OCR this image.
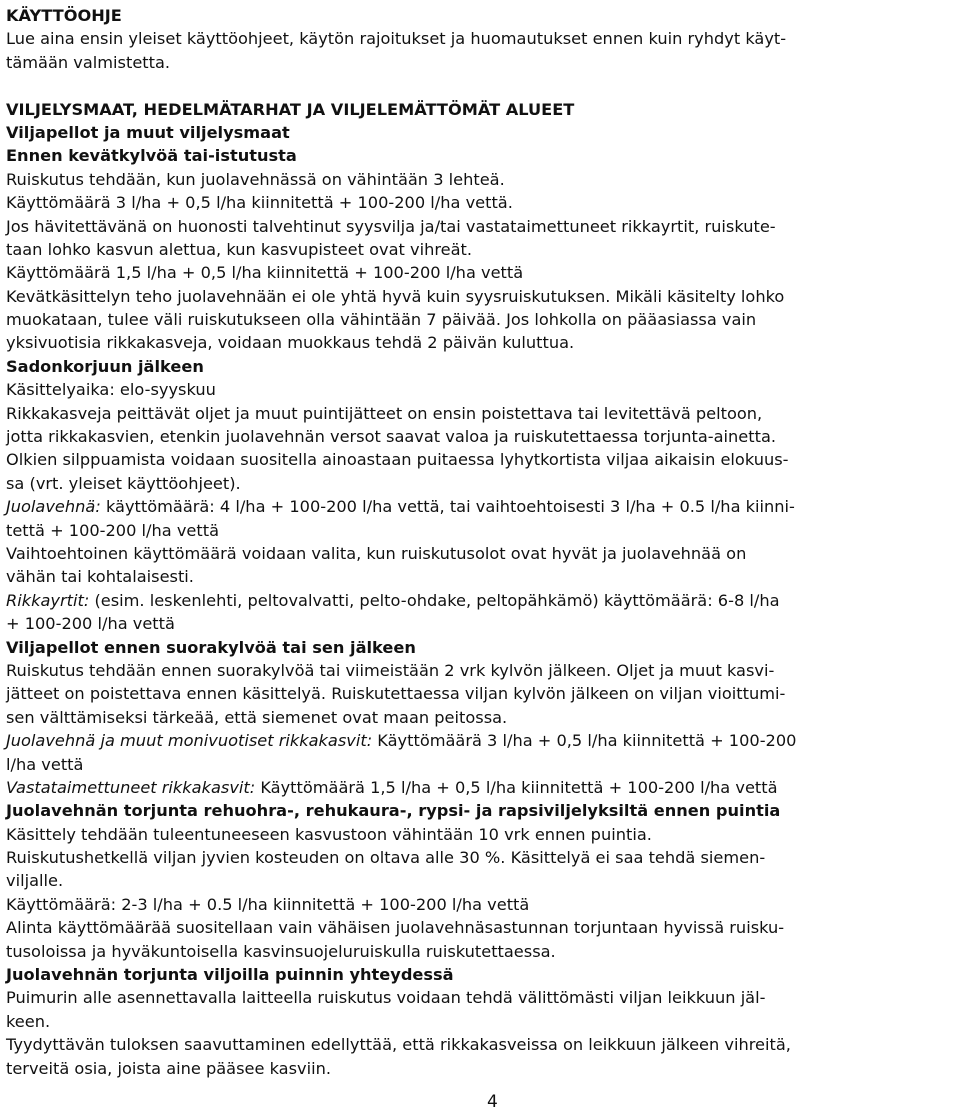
KÄYTTÖOHJE
Lue aina ensin yleiset käyttöohjeet, käytön rajoitukset ja huomautukset ennen kuin ryhdyt käyt-
tämään valmistetta.
VILJELYSMAAT, HEDELMÄTARHAT JA VILJELEMÄTTÖMÄT ALUEET
Viljapellot ja muut viljelysmaat
Ennen kevätkylvöä tai-istutusta
Ruiskutus tehdään, kun juolavehnässä on vähintään 3 lehteä.
Käyttömäärä 3 l/ha + 0,5 l/ha kiinnitettä + 100-200 l/ha vettä.
Jos hävitettävänä on huonosti talvehtinut syysvilja ja/tai vastataimettuneet rikkayrtit, ruiskute-
taan lohko kasvun alettua, kun kasvupisteet ovat vihreät.
Käyttömäärä 1,5 l/ha + 0,5 l/ha kiinnitettä + 100-200 l/ha vettä
Kevätkäsittelyn teho juolavehnään ei ole yhtä hyvä kuin syysruiskutuksen. Mikäli käsitelty lohko
muokataan, tulee väli ruiskutukseen olla vähintään 7 päivää. Jos lohkolla on pääasiassa vain
yksivuotisia rikkakasveja, voidaan muokkaus tehdä 2 päivän kuluttua.
Sadonkorjuun jälkeen
Käsittelyaika: elo-syyskuu
Rikkakasveja peittävät oljet ja muut puintijätteet on ensin poistettava tai levitettävä peltoon,
jotta rikkakasvien, etenkin juolavehnän versot saavat valoa ja ruiskutettaessa torjunta-ainetta.
Olkien silppuamista voidaan suositella ainoastaan puitaessa lyhytkortista viljaa aikaisin elokuus-
sa (vrt. yleiset käyttöohjeet).
Juolavehnä: käyttömäärä: 4 l/ha + 100-200 l/ha vettä, tai vaihtoehtoisesti 3 l/ha + 0.5 l/ha kiinni-
tettä + 100-200 l/ha vettä
Vaihtoehtoinen käyttömäärä voidaan valita, kun ruiskutusolot ovat hyvät ja juolavehnää on
vähän tai kohtalaisesti.
Rikkayrtit: (esim. leskenlehti, peltovalvatti, pelto-ohdake, peltopähkämö) käyttömäärä: 6-8 l/ha
+ 100-200 l/ha vettä
Viljapellot ennen suorakylvöä tai sen jälkeen
Ruiskutus tehdään ennen suorakylvöä tai viimeistään 2 vrk kylvön jälkeen. Oljet ja muut kasvi-
jätteet on poistettava ennen käsittelyä. Ruiskutettaessa viljan kylvön jälkeen on viljan vioittumi-
sen välttämiseksi tärkeää, että siemenet ovat maan peitossa.
Juolavehnä ja muut monivuotiset rikkakasvit: Käyttömäärä 3 l/ha + 0,5 l/ha kiinnitettä + 100-200
l/ha vettä
Vastataimettuneet rikkakasvit: Käyttömäärä 1,5 l/ha + 0,5 l/ha kiinnitettä + 100-200 l/ha vettä
Juolavehnän torjunta rehuohra-, rehukaura-, rypsi- ja rapsiviljelyksiltä ennen puintia
Käsittely tehdään tuleentuneeseen kasvustoon vähintään 10 vrk ennen puintia.
Ruiskutushetkellä viljan jyvien kosteuden on oltava alle 30 %. Käsittelyä ei saa tehdä siemen-
viljalle.
Käyttömäärä: 2-3 l/ha + 0.5 l/ha kiinnitettä + 100-200 l/ha vettä
Alinta käyttömäärää suositellaan vain vähäisen juolavehnäsastunnan torjuntaan hyvissä ruisku-
tusoloissa ja hyväkuntoisella kasvinsuojeluruiskulla ruiskutettaessa.
Juolavehnän torjunta viljoilla puinnin yhteydessä
Puimurin alle asennettavalla laitteella ruiskutus voidaan tehdä välittömästi viljan leikkuun jäl-
keen.
Tyydyttävän tuloksen saavuttaminen edellyttää, että rikkakasveissa on leikkuun jälkeen vihreitä,
terveitä osia, joista aine pääsee kasviin.
4
